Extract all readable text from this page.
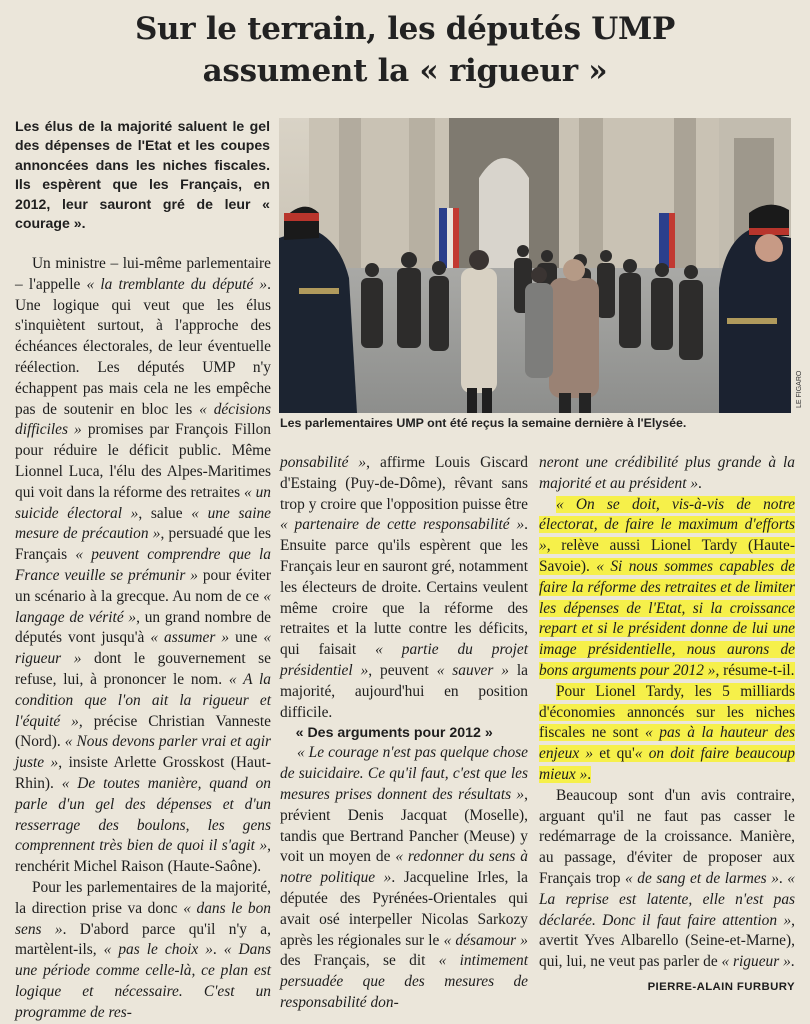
Sur le terrain, les députés UMP
assument la « rigueur »
Les élus de la majorité saluent le gel des dépenses de l'Etat et les coupes annoncées dans les niches fiscales. Ils espèrent que les Français, en 2012, leur sauront gré de leur « courage ».
LE FIGARO
Les parlementaires UMP ont été reçus la semaine dernière à l'Elysée.

Un ministre – lui-même parlementaire – l'appelle « la tremblante du député ». Une logique qui veut que les élus s'inquiètent surtout, à l'approche des échéances électorales, de leur éventuelle réélection. Les députés UMP n'y échappent pas mais cela ne les empêche pas de soutenir en bloc les « décisions difficiles » promises par François Fillon pour réduire le déficit public. Même Lionnel Luca, l'élu des Alpes-Maritimes qui voit dans la réforme des retraites « un suicide électoral », salue « une saine mesure de précaution », persuadé que les Français « peuvent comprendre que la France veuille se prémunir » pour éviter un scénario à la grecque. Au nom de ce « langage de vérité », un grand nombre de députés vont jusqu'à « assumer » une « rigueur » dont le gouvernement se refuse, lui, à prononcer le nom. « A la condition que l'on ait la rigueur et l'équité », précise Christian Vanneste (Nord). « Nous devons parler vrai et agir juste », insiste Arlette Grosskost (Haut-Rhin). « De toutes manière, quand on parle d'un gel des dépenses et d'un resserrage des boulons, les gens comprennent très bien de quoi il s'agit », renchérit Michel Raison (Haute-Saône).

Pour les parlementaires de la majorité, la direction prise va donc « dans le bon sens ». D'abord parce qu'il n'y a, martèlent-ils, « pas le choix ». « Dans une période comme celle-là, ce plan est logique et nécessaire. C'est un programme de res-

ponsabilité », affirme Louis Giscard d'Estaing (Puy-de-Dôme), rêvant sans trop y croire que l'opposition puisse être « partenaire de cette responsabilité ». Ensuite parce qu'ils espèrent que les Français leur en sauront gré, notamment les électeurs de droite. Certains veulent même croire que la réforme des retraites et la lutte contre les déficits, qui faisait « partie du projet présidentiel », peuvent « sauver » la majorité, aujourd'hui en position difficile.

« Des arguments pour 2012 »

« Le courage n'est pas quelque chose de suicidaire. Ce qu'il faut, c'est que les mesures prises donnent des résultats », prévient Denis Jacquat (Moselle), tandis que Bertrand Pancher (Meuse) y voit un moyen de « redonner du sens à notre politique ». Jacqueline Irles, la députée des Pyrénées-Orientales qui avait osé interpeller Nicolas Sarkozy après les régionales sur le « désamour » des Français, se dit « intimement persuadée que des mesures de responsabilité don-

neront une crédibilité plus grande à la majorité et au président ».

« On se doit, vis-à-vis de notre électorat, de faire le maximum d'efforts », relève aussi Lionel Tardy (Haute-Savoie). « Si nous sommes capables de faire la réforme des retraites et de limiter les dépenses de l'Etat, si la croissance repart et si le président donne de lui une image présidentielle, nous aurons de bons arguments pour 2012 », résume-t-il.

Pour Lionel Tardy, les 5 milliards d'économies annoncés sur les niches fiscales ne sont « pas à la hauteur des enjeux » et qu'« on doit faire beaucoup mieux ».

Beaucoup sont d'un avis contraire, arguant qu'il ne faut pas casser le redémarrage de la croissance. Manière, au passage, d'éviter de proposer aux Français trop « de sang et de larmes ». « La reprise est latente, elle n'est pas déclarée. Donc il faut faire attention », avertit Yves Albarello (Seine-et-Marne), qui, lui, ne veut pas parler de « rigueur ».

PIERRE-ALAIN FURBURY
